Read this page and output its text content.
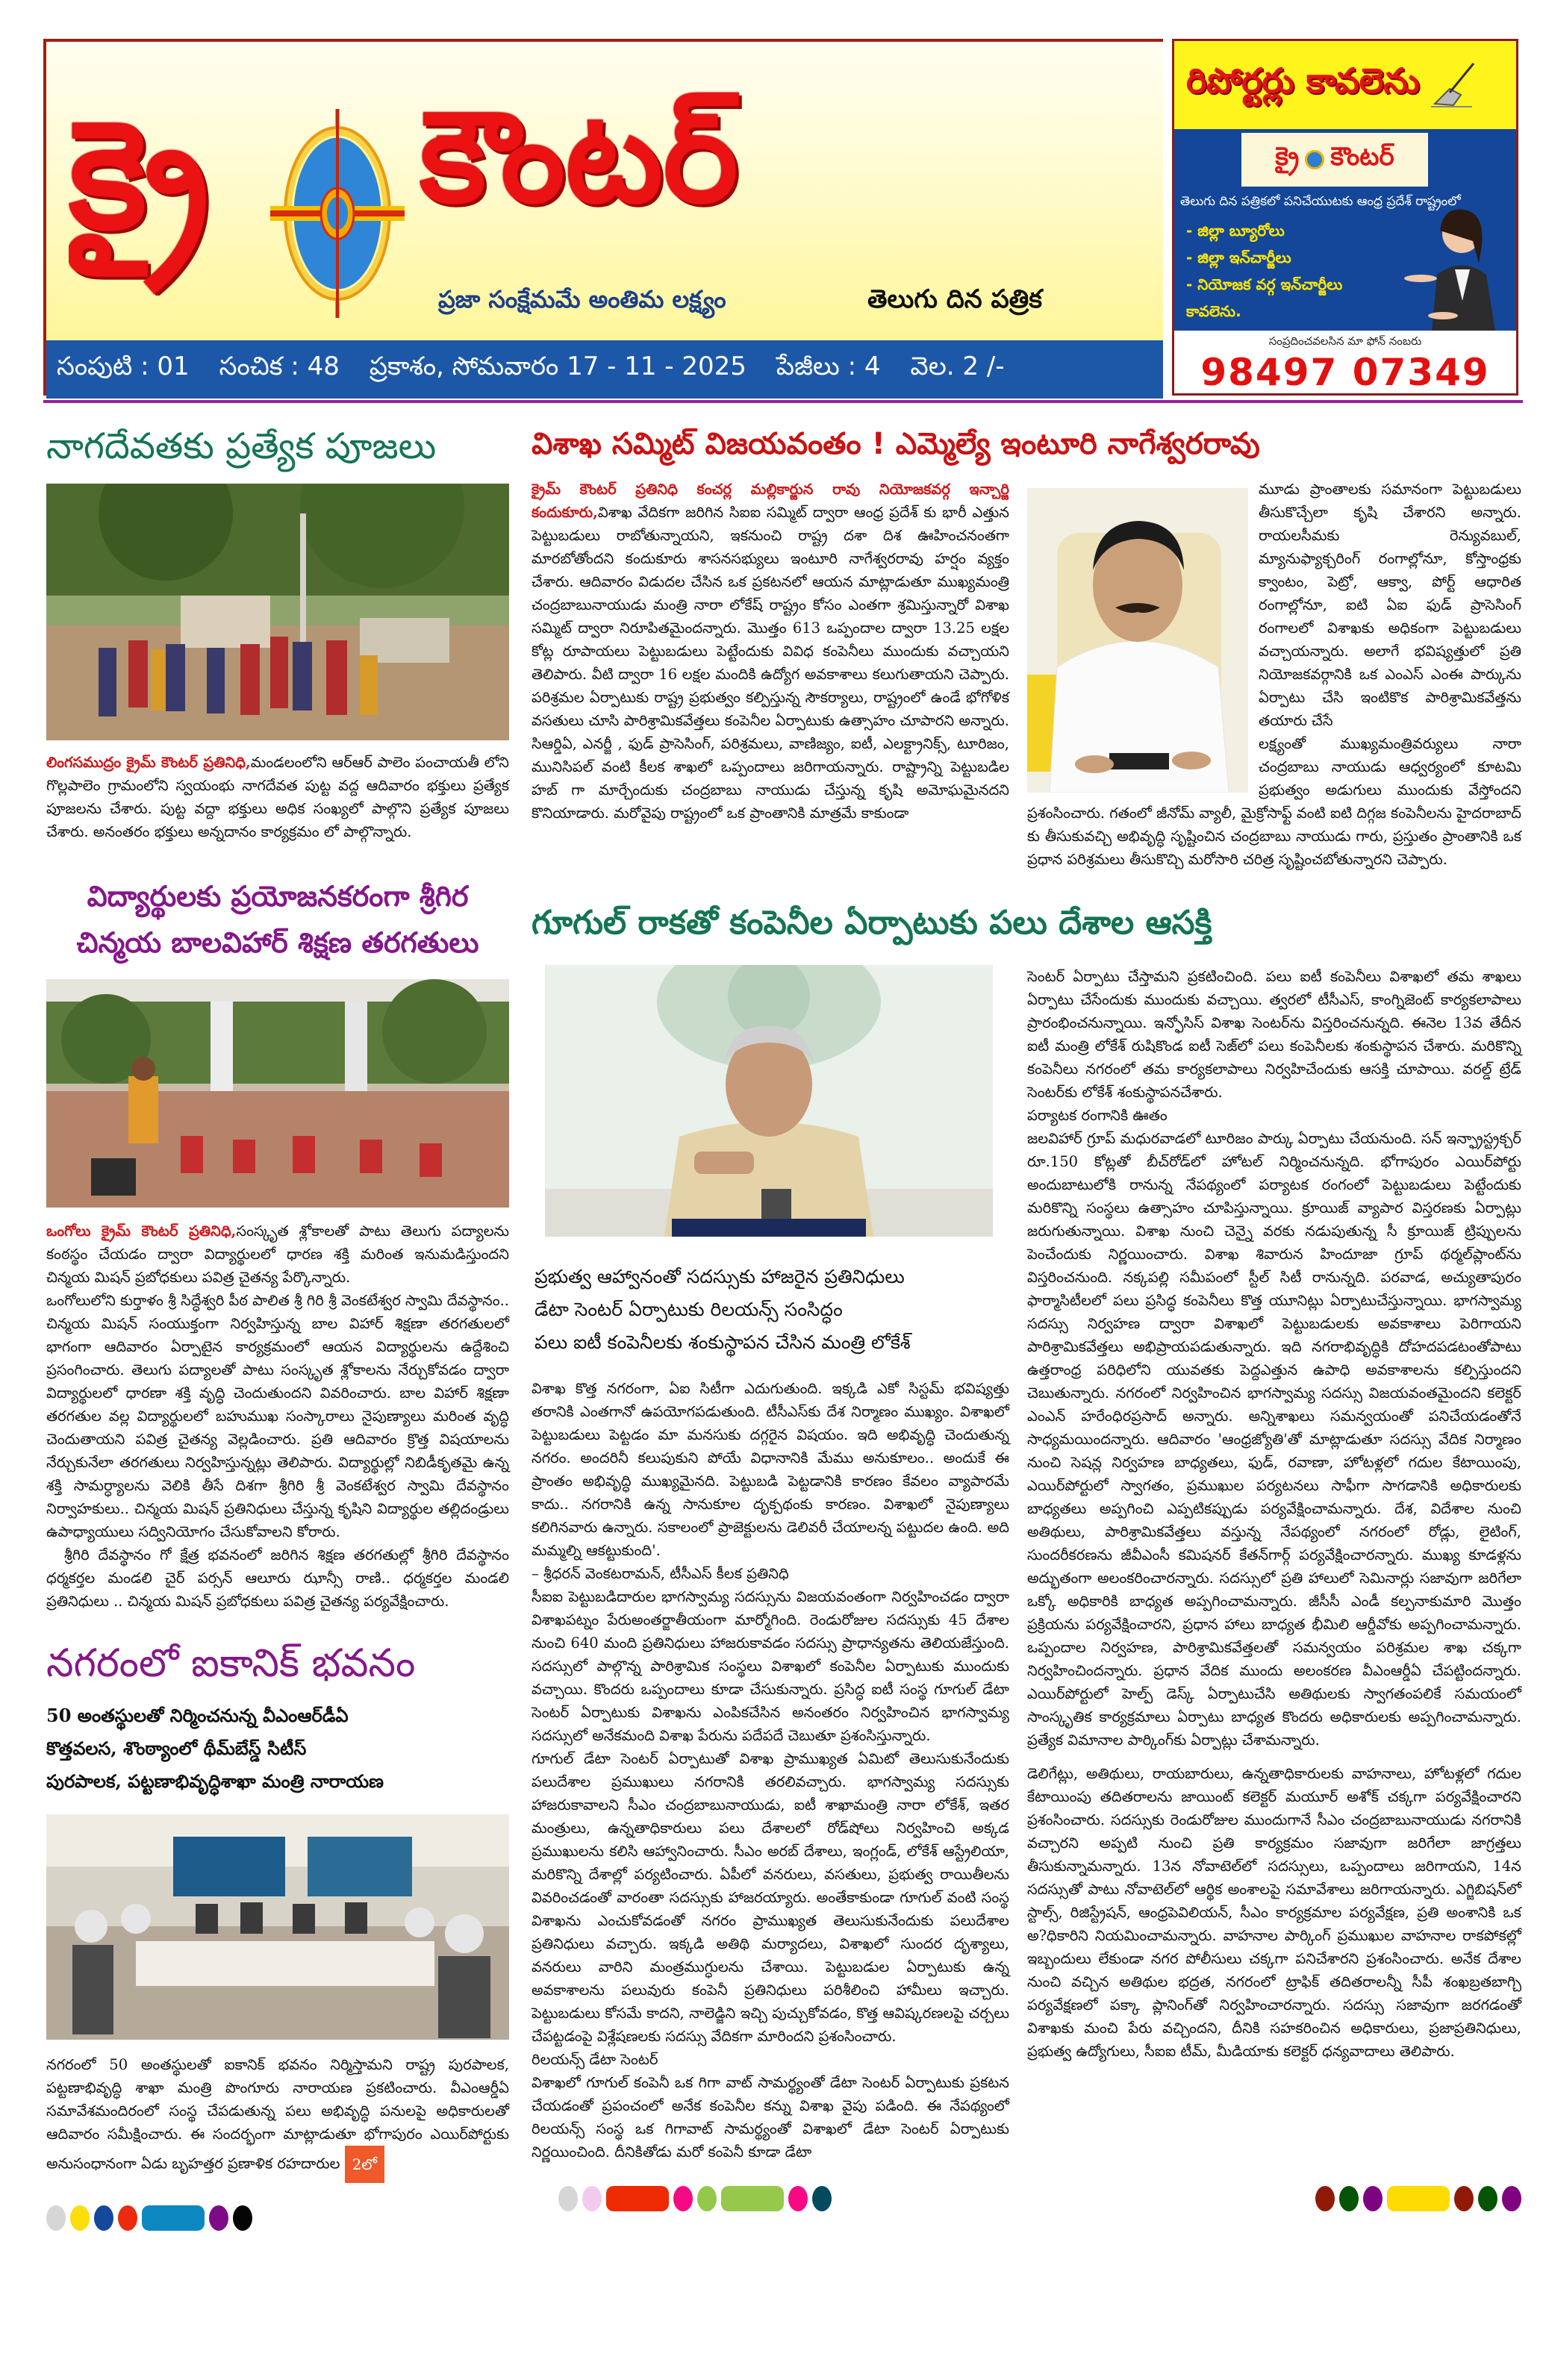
క్రై	కౌంటర్
ప్రజా సంక్షేమమే అంతిమ లక్ష్యం	తెలుగు దిన పత్రిక
సంపుటి : 01 సంచిక : 48 ప్రకాశం, సోమవారం 17 - 11 - 2025 పేజీలు : 4 వెల. 2 /-
రిపోర్టర్లు కావలెను
క్రై కౌంటర్
తెలుగు దిన పత్రికలో పనిచేయుటకు ఆంధ్ర ప్రదేశ్ రాష్ట్రంలో
- జిల్లా బ్యూరోలు
- జిల్లా ఇన్‌చార్జీలు
- నియోజక వర్గ ఇన్‌చార్జీలు
కావలెను.
సంప్రదించవలసిన మా ఫోన్ నంబరు
98497 07349
నాగదేవతకు ప్రత్యేక పూజలు

లింగసముద్రం క్రైమ్ కౌంటర్ ప్రతినిధి,మండలంలోని ఆర్‌ఆర్ పాలెం పంచాయతీ లోని గొల్లపాలెం గ్రామంలోని స్వయంభు నాగదేవత పుట్ట వద్ద ఆదివారం భక్తులు ప్రత్యేక పూజలను చేశారు. పుట్ట వద్దా భక్తులు అధిక సంఖ్యలో పాల్గొని ప్రత్యేక పూజలు చేశారు. అనంతరం భక్తులు అన్నదానం కార్యక్రమం లో పాల్గొన్నారు.

విద్యార్థులకు ప్రయోజనకరంగా శ్రీగిర
చిన్మయ బాలవిహార్ శిక్షణ తరగతులు

ఒంగోలు క్రైమ్ కౌంటర్ ప్రతినిధి,సంస్కృత శ్లోకాలతో పాటు తెలుగు పద్యాలను కంఠస్థం చేయడం ద్వారా విద్యార్థులలో ధారణ శక్తి మరింత ఇనుమడిస్తుందని చిన్మయ మిషన్ ప్రబోధకులు పవిత్ర చైతన్య పేర్కొన్నారు.

ఒంగోలులోని కుర్తాళం శ్రీ సిద్ధేశ్వరి పీఠ పాలిత శ్రీ గిరి శ్రీ వెంకటేశ్వర స్వామి దేవస్థానం.. చిన్మయ మిషన్ సంయుక్తంగా నిర్వహిస్తున్న బాల విహార్ శిక్షణా తరగతులలో భాగంగా ఆదివారం ఏర్పాటైన కార్యక్రమంలో ఆయన విద్యార్థులను ఉద్దేశించి ప్రసంగించారు. తెలుగు పద్యాలతో పాటు సంస్కృత శ్లోకాలను నేర్చుకోవడం ద్వారా విద్యార్థులలో ధారణా శక్తి వృద్ధి చెందుతుందని వివరించారు. బాల విహార్ శిక్షణా తరగతుల వల్ల విద్యార్థులలో బహుముఖ సంస్కారాలు నైపుణ్యాలు మరింత వృద్ధి చెందుతాయని పవిత్ర చైతన్య వెల్లడించారు. ప్రతి ఆదివారం క్రొత్త విషయాలను నేర్చుకునేలా తరగతులు నిర్వహిస్తున్నట్లు తెలిపారు. విద్యార్థుల్లో నిబిడీకృతమై ఉన్న శక్తి సామర్ధ్యాలను వెలికి తీసే దిశగా శ్రీగిరి శ్రీ వెంకటేశ్వర స్వామి దేవస్థానం నిర్వాహకులు.. చిన్మయ మిషన్ ప్రతినిధులు చేస్తున్న కృషిని విద్యార్థుల తల్లిదండ్రులు ఉపాధ్యాయులు సద్వినియోగం చేసుకోవాలని కోరారు.

శ్రీగిరి దేవస్థానం గో క్షేత్ర భవనంలో జరిగిన శిక్షణ తరగతుల్లో శ్రీగిరి దేవస్థానం ధర్మకర్తల మండలి చైర్ పర్సన్ ఆలూరు ఝాన్సీ రాణి.. ధర్మకర్తల మండలి ప్రతినిధులు .. చిన్మయ మిషన్ ప్రబోధకులు పవిత్ర చైతన్య పర్యవేక్షించారు.

నగరంలో ఐకానిక్ భవనం
50 అంతస్థులతో నిర్మించనున్న వీఎంఆర్‌డీఏ
కొత్తవలస, శొంఠ్యాంలో థీమ్‌బేస్డ్ సిటీస్
పురపాలక, పట్టణాభివృద్ధిశాఖా మంత్రి నారాయణ

నగరంలో 50 అంతస్థులతో ఐకానిక్ భవనం నిర్మిస్తామని రాష్ట్ర పురపాలక, పట్టణాభివృద్ధి శాఖా మంత్రి పొంగూరు నారాయణ ప్రకటించారు. వీఎంఆర్డీఏ సమావేశమందిరంలో సంస్థ చేపడుతున్న పలు అభివృద్ధి పనులపై అధికారులతో ఆదివారం సమీక్షించారు. ఈ సందర్భంగా మాట్లాడుతూ భోగాపురం ఎయిర్‌పోర్టుకు అనుసంధానంగా ఏడు బృహత్తర ప్రణాళిక రహదారుల 2లో

విశాఖ సమ్మిట్ విజయవంతం ! ఎమ్మెల్యే ఇంటూరి నాగేశ్వరరావు

క్రైమ్ కౌంటర్ ప్రతినిధి కంచర్ల మల్లికార్జున రావు నియోజకవర్గ ఇన్చార్జి కందుకూరు,విశాఖ వేదికగా జరిగిన సిఐఐ సమ్మిట్ ద్వారా ఆంధ్ర ప్రదేశ్ కు భారీ ఎత్తున పెట్టుబడులు రాబోతున్నాయని, ఇకనుంచి రాష్ట్ర దశా దిశ ఊహించనంతగా మారబోతోందని కందుకూరు శాసనసభ్యులు ఇంటూరి నాగేశ్వరరావు హర్షం వ్యక్తం చేశారు. ఆదివారం విడుదల చేసిన ఒక ప్రకటనలో ఆయన మాట్లాడుతూ ముఖ్యమంత్రి చంద్రబాబునాయుడు మంత్రి నారా లోకేష్ రాష్ట్రం కోసం ఎంతగా శ్రమిస్తున్నారో విశాఖ సమ్మిట్ ద్వారా నిరూపితమైందన్నారు. మొత్తం 613 ఒప్పందాల ద్వారా 13.25 లక్షల కోట్ల రూపాయలు పెట్టుబడులు పెట్టేందుకు వివిధ కంపెనీలు ముందుకు వచ్చాయని తెలిపారు. వీటి ద్వారా 16 లక్షల మందికి ఉద్యోగ అవకాశాలు కలుగుతాయని చెప్పారు. పరిశ్రమల ఏర్పాటుకు రాష్ట్ర ప్రభుత్వం కల్పిస్తున్న సౌకర్యాలు, రాష్ట్రంలో ఉండే భోగోళిక వసతులు చూసి పారిశ్రామికవేత్తలు కంపెనీల ఏర్పాటుకు ఉత్సాహం చూపారని అన్నారు. సిఆర్డిఏ, ఎనర్జీ , ఫుడ్ ప్రాసెసింగ్, పరిశ్రమలు, వాణిజ్యం, ఐటీ, ఎలక్ట్రానిక్స్, టూరిజం, మునిసిపల్ వంటి కీలక శాఖలో ఒప్పందాలు జరిగాయన్నారు. రాష్ట్రాన్ని పెట్టుబడిల హబ్ గా మార్చేందుకు చంద్రబాబు నాయుడు చేస్తున్న కృషి అమోఘమైనదని కొనియాడారు. మరోవైపు రాష్ట్రంలో ఒక ప్రాంతానికి మాత్రమే కాకుండా

మూడు ప్రాంతాలకు సమానంగా పెట్టుబడులు తీసుకొచ్చేలా కృషి చేశారని అన్నారు. రాయలసీమకు రెన్యువబుల్, మ్యానుఫ్యాక్చరింగ్ రంగాల్లోనూ, కోస్తాంధ్రకు క్వాంటం, పెట్రో, ఆక్వా, పోర్ట్ ఆధారిత రంగాల్లోనూ, ఐటి ఏఐ ఫుడ్ ప్రాసెసింగ్ రంగాలలో విశాఖకు అధికంగా పెట్టుబడులు వచ్చాయన్నారు. అలాగే భవిష్యత్తులో ప్రతి నియోజకవర్గానికి ఒక ఎంఎస్ ఎంఈ పార్కును ఏర్పాటు చేసి ఇంటికొక పారిశ్రామికవేత్తను తయారు చేసే

లక్ష్యంతో ముఖ్యమంత్రివర్యులు నారా చంద్రబాబు నాయుడు ఆధ్వర్యంలో కూటమి ప్రభుత్వం అడుగులు ముందుకు వేస్తోందని ప్రశంసించారు. గతంలో జీనోమ్ వ్యాలీ, మైక్రోసాఫ్ట్ వంటి ఐటి దిగ్గజ కంపెనీలను హైదరాబాద్ కు తీసుకువచ్చి అభివృద్ధి సృష్టించిన చంద్రబాబు నాయుడు గారు, ప్రస్తుతం ప్రాంతానికి ఒక ప్రధాన పరిశ్రమలు తీసుకొచ్చి మరోసారి చరిత్ర సృష్టించబోతున్నారని చెప్పారు.

గూగుల్ రాకతో కంపెనీల ఏర్పాటుకు పలు దేశాల ఆసక్తి
ప్రభుత్వ ఆహ్వానంతో సదస్సుకు హాజరైన ప్రతినిధులు
డేటా సెంటర్ ఏర్పాటుకు రిలయన్స్ సంసిద్ధం
పలు ఐటీ కంపెనీలకు శంకుస్థాపన చేసిన మంత్రి లోకేశ్

విశాఖ కొత్త నగరంగా, ఏఐ సిటీగా ఎదుగుతుంది. ఇక్కడి ఎకో సిస్టమ్ భవిష్యత్తు తరానికి ఎంతగానో ఉపయోగపడుతుంది. టీసీఎస్‌కు దేశ నిర్మాణం ముఖ్యం. విశాఖలో పెట్టుబడులు పెట్టడం మా మనసుకు దగ్గరైన విషయం. ఇది అభివృద్ధి చెందుతున్న నగరం. అందరినీ కలుపుకుని పోయే విధానానికి మేము అనుకూలం.. అందుకే ఈ ప్రాంతం అభివృద్ధి ముఖ్యమైనది. పెట్టుబడి పెట్టడానికి కారణం కేవలం వ్యాపారమే కాదు.. నగరానికి ఉన్న సానుకూల దృక్పథంకు కారణం. విశాఖలో నైపుణ్యాలు కలిగినవారు ఉన్నారు. సకాలంలో ప్రాజెక్టులను డెలివరీ చేయాలన్న పట్టుదల ఉంది. అది మమ్మల్ని ఆకట్టుకుంది'.

– శ్రీధరన్ వెంకటరామన్, టీసీఎస్ కీలక ప్రతినిధి

సీఐఐ పెట్టుబడిదారుల భాగస్వామ్య సదస్సును విజయవంతంగా నిర్వహించడం ద్వారా విశాఖపట్నం పేరుఅంతర్జాతీయంగా మార్మోగింది. రెండురోజుల సదస్సుకు 45 దేశాల నుంచి 640 మంది ప్రతినిధులు హాజరుకావడం సదస్సు ప్రాధాన్యతను తెలియజేస్తుంది. సదస్సులో పాల్గొన్న పారిశ్రామిక సంస్థలు విశాఖలో కంపెనీల ఏర్పాటుకు ముందుకు వచ్చాయి. కొందరు ఒప్పందాలు కూడా చేసుకున్నారు. ప్రసిద్ధ ఐటీ సంస్థ గూగుల్ డేటా సెంటర్ ఏర్పాటుకు విశాఖను ఎంపికచేసిన అనంతరం నిర్వహించిన భాగస్వామ్య సదస్సులో అనేకమంది విశాఖ పేరును పదేపదే చెబుతూ ప్రశంసిస్తున్నారు.

గూగుల్ డేటా సెంటర్ ఏర్పాటుతో విశాఖ ప్రాముఖ్యత ఏమిటో తెలుసుకునేందుకు పలుదేశాల ప్రముఖులు నగరానికి తరలివచ్చారు. భాగస్వామ్య సదస్సుకు హాజరుకావాలని సీఎం చంద్రబాబునాయుడు, ఐటీ శాఖామంత్రి నారా లోకేశ్, ఇతర మంత్రులు, ఉన్నతాధికారులు పలు దేశాలలో రోడ్‌షోలు నిర్వహించి అక్కడ ప్రముఖులను కలిసి ఆహ్వానించారు. సీఎం అరబ్ దేశాలు, ఇంగ్లండ్, లోకేశ్ ఆస్ట్రేలియా, మరికొన్ని దేశాల్లో పర్యటించారు. ఏపీలో వనరులు, వసతులు, ప్రభుత్వ రాయితీలను వివరించడంతో వారంతా సదస్సుకు హాజరయ్యారు. అంతేకాకుండా గూగుల్ వంటి సంస్థ విశాఖను ఎంచుకోవడంతో నగరం ప్రాముఖ్యత తెలుసుకునేందుకు పలుదేశాల ప్రతినిధులు వచ్చారు. ఇక్కడి అతిథి మర్యాదలు, విశాఖలో సుందర దృశ్యాలు, వనరులు వారిని మంత్రముగ్ధులను చేశాయి. పెట్టుబడుల ఏర్పాటుకు ఉన్న అవకాశాలను పలువురు కంపెనీ ప్రతినిధులు పరిశీలించి హామీలు ఇచ్చారు. పెట్టుబడులు కోసమే కాదని, నాలెడ్జిని ఇచ్చి పుచ్చుకోవడం, కొత్త ఆవిష్కరణలపై చర్చలు చేపట్టడంపై విశ్లేషణలకు సదస్సు వేదికగా మారిందని ప్రశంసించారు.

రిలయన్స్ డేటా సెంటర్

విశాఖలో గూగుల్ కంపెనీ ఒక గిగా వాట్ సామర్థ్యంతో డేటా సెంటర్ ఏర్పాటుకు ప్రకటన చేయడంతో ప్రపంచంలో అనేక కంపెనీల కన్ను విశాఖ వైపు పడింది. ఈ నేపథ్యంలో రిలయన్స్ సంస్థ ఒక గిగావాట్ సామర్థ్యంతో విశాఖలో డేటా సెంటర్ ఏర్పాటుకు నిర్ణయించింది. దీనికితోడు మరో కంపెనీ కూడా డేటా

సెంటర్ ఏర్పాటు చేస్తామని ప్రకటించింది. పలు ఐటీ కంపెనీలు విశాఖలో తమ శాఖలు ఏర్పాటు చేసేందుకు ముందుకు వచ్చాయి. త్వరలో టీసీఎస్, కాంగ్నిజెంట్ కార్యకలాపాలు ప్రారంభించనున్నాయి. ఇన్ఫోసిస్ విశాఖ సెంటర్‌ను విస్తరించనున్నది. ఈనెల 13వ తేదీన ఐటీ మంత్రి లోకేశ్ రుషికొండ ఐటీ సెజ్‌లో పలు కంపెనీలకు శంకుస్థాపన చేశారు. మరికొన్ని కంపెనీలు నగరంలో తమ కార్యకలాపాలు నిర్వహిచేందుకు ఆసక్తి చూపాయి. వరల్డ్ ట్రేడ్ సెంటర్‌కు లోకేశ్ శంకుస్థాపనచేశారు.

పర్యాటక రంగానికి ఊతం

జలవిహార్ గ్రూప్ మధురవాడలో టూరిజం పార్కు ఏర్పాటు చేయనుంది. సన్ ఇన్ఫ్రాస్ట్రక్చర్ రూ.150 కోట్లతో బీచ్‌రోడ్‌లో హోటల్ నిర్మించనున్నది. భోగాపురం ఎయిర్‌పోర్టు అందుబాటులోకి రానున్న నేపథ్యంలో పర్యాటక రంగంలో పెట్టుబడులు పెట్టేందుకు మరికొన్ని సంస్థలు ఉత్సాహం చూపిస్తున్నాయి. క్రూయిజ్ వ్యాపార విస్తరణకు ఏర్పాట్లు జరుగుతున్నాయి. విశాఖ నుంచి చెన్నై వరకు నడుపుతున్న సీ క్రూయిజ్ ట్రిప్పులను పెంచేందుకు నిర్ణయించారు. విశాఖ శివారున హిందూజా గ్రూప్ థర్మల్‌ప్లాంట్‌ను విస్తరించనుంది. నక్కపల్లి సమీపంలో స్టీల్ సిటీ రానున్నది. పరవాడ, అచ్యుతాపురం ఫార్మాసిటీలలో పలు ప్రసిద్ధ కంపెనీలు కొత్త యూనిట్లు ఏర్పాటుచేస్తున్నాయి. భాగస్వామ్య సదస్సు నిర్వహణ ద్వారా విశాఖలో పెట్టుబడులకు అవకాశాలు పెరిగాయని పారిశ్రామికవేత్తలు అభిప్రాయపడుతున్నారు. ఇది నగరాభివృద్ధికి దోహదపడటంతోపాటు ఉత్తరాంధ్ర పరిధిలోని యువతకు పెద్దఎత్తున ఉపాధి అవకాశాలను కల్పిస్తుందని చెబుతున్నారు. నగరంలో నిర్వహించిన భాగస్వామ్య సదస్సు విజయవంతమైందని కలెక్టర్ ఎంఎన్ హరేంధిరప్రసాద్ అన్నారు. అన్నిశాఖలు సమన్వయంతో పనిచేయడంతోనే సాధ్యమయిందన్నారు. ఆదివారం 'ఆంధ్రజ్యోతి'తో మాట్లాడుతూ సదస్సు వేదిక నిర్మాణం నుంచి సెషన్ల నిర్వహణ బాధ్యతలు, ఫుడ్, రవాణా, హోటళ్లలో గదుల కేటాయింపు, ఎయిర్‌పోర్టులో స్వాగతం, ప్రముఖుల పర్యటనలు సాఫీగా సాగడానికి అధికారులకు బాధ్యతలు అప్పగించి ఎప్పటికప్పుడు పర్యవేక్షించామన్నారు. దేశ, విదేశాల నుంచి అతిథులు, పారిశ్రామికవేత్తలు వస్తున్న నేపథ్యంలో నగరంలో రోడ్లు, లైటింగ్, సుందరీకరణను జీవీఎంసీ కమిషనర్ కేతన్‌గార్గ్ పర్యవేక్షించారన్నారు. ముఖ్య కూడళ్లను అద్భుతంగా అలంకరించారన్నారు. సదస్సులో ప్రతి హాలులో సెమినార్లు సజావుగా జరిగేలా ఒక్కో అధికారికి బాధ్యత అప్పగించామన్నారు. జీసీసీ ఎండీ కల్పనాకుమారి మొత్తం ప్రక్రియను పర్యవేక్షించారని, ప్రధాన హాలు బాధ్యత భీమిలి ఆర్డీవోకు అప్పగించామన్నారు. ఒప్పందాల నిర్వహణ, పారిశ్రామికవేత్తలతో సమన్వయం పరిశ్రమల శాఖ చక్కగా నిర్వహించిందన్నారు. ప్రధాన వేదిక ముందు అలంకరణ వీఎంఆర్డీఏ చేపట్టిందన్నారు. ఎయిర్‌పోర్టులో హెల్ప్ డెస్క్ ఏర్పాటుచేసి అతిథులకు స్వాగతంపలికే సమయంలో సాంస్కృతిక కార్యక్రమాలు ఏర్పాటు బాధ్యత కొందరు అధికారులకు అప్పగించామన్నారు. ప్రత్యేక విమానాల పార్కింగ్‌కు ఏర్పాట్లు చేశామన్నారు.

డెలిగేట్లు, అతిథులు, రాయబారులు, ఉన్నతాధికారులకు వాహనాలు, హోటళ్లలో గదుల కేటాయింపు తదితరాలను జాయింట్ కలెక్టర్ మయూర్ అశోక్ చక్కగా పర్యవేక్షించారని ప్రశంసించారు. సదస్సుకు రెండురోజుల ముందుగానే సీఎం చంద్రబాబునాయుడు నగరానికి వచ్చారని అప్పటి నుంచి ప్రతి కార్యక్రమం సజావుగా జరిగేలా జాగ్రత్తలు తీసుకున్నామన్నారు. 13న నోవాటెల్‌లో సదస్సులు, ఒప్పందాలు జరిగాయని, 14న సదస్సుతో పాటు నోవాటెల్‌లో ఆర్థిక అంశాలపై సమావేశాలు జరిగాయన్నారు. ఎగ్జిబిషన్‌లో స్టాల్స్, రిజిస్ట్రేషన్, ఆంధ్రపెవిలియన్, సీఎం కార్యక్రమాల పర్యవేక్షణ, ప్రతి అంశానికి ఒక అ?ధికారిని నియమించామన్నారు. వాహనాల పార్కింగ్ ప్రముఖుల వాహనాల రాకపోకల్లో ఇబ్బందులు లేకుండా నగర పోలీసులు చక్కగా పనిచేశారని ప్రశంసించారు. అనేక దేశాల నుంచి వచ్చిన అతిథుల భద్రత, నగరంలో ట్రాఫిక్ తదితరాలన్నీ సీపీ శంఖబ్రతబాగ్చి పర్యవేక్షణలో పక్కా ప్లానింగ్‌తో నిర్వహించారన్నారు. సదస్సు సజావుగా జరగడంతో విశాఖకు మంచి పేరు వచ్చిందని, దీనికి సహకరించిన అధికారులు, ప్రజాప్రతినిధులు, ప్రభుత్వ ఉద్యోగులు, సీఐఐ టీమ్, మీడియాకు కలెక్టర్ ధన్యవాదాలు తెలిపారు.
